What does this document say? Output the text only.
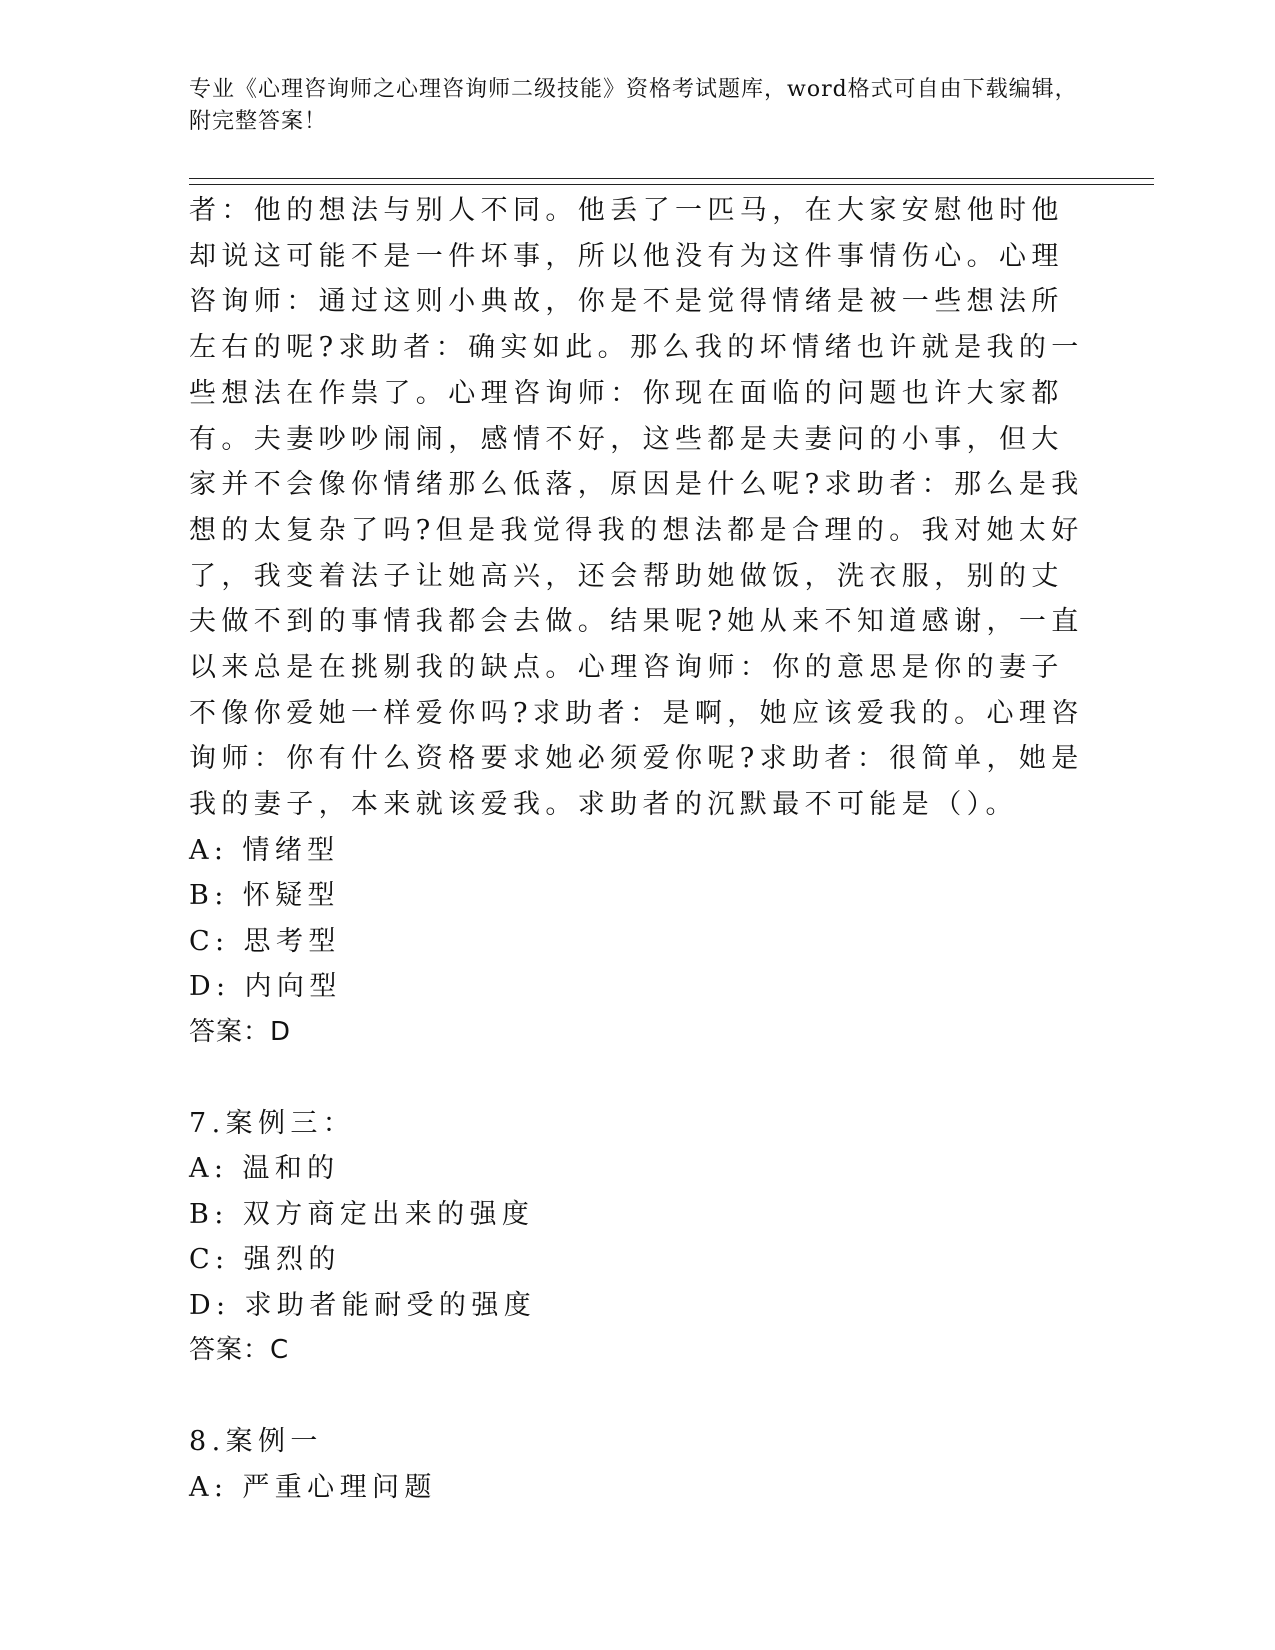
专业《心理咨询师之心理咨询师二级技能》资格考试题库，word格式可自由下载编辑，附完整答案！

者：他的想法与别人不同。他丢了一匹马，在大家安慰他时他却说这可能不是一件坏事，所以他没有为这件事情伤心。心理咨询师：通过这则小典故，你是不是觉得情绪是被一些想法所左右的呢?求助者：确实如此。那么我的坏情绪也许就是我的一些想法在作祟了。心理咨询师：你现在面临的问题也许大家都有。夫妻吵吵闹闹，感情不好，这些都是夫妻问的小事，但大家并不会像你情绪那么低落，原因是什么呢?求助者：那么是我想的太复杂了吗?但是我觉得我的想法都是合理的。我对她太好了，我变着法子让她高兴，还会帮助她做饭，洗衣服，别的丈夫做不到的事情我都会去做。结果呢?她从来不知道感谢，一直以来总是在挑剔我的缺点。心理咨询师：你的意思是你的妻子不像你爱她一样爱你吗?求助者：是啊，她应该爱我的。心理咨询师：你有什么资格要求她必须爱你呢?求助者：很简单，她是我的妻子，本来就该爱我。求助者的沉默最不可能是（）。

A: 情绪型
B: 怀疑型
C: 思考型
D: 内向型
答案：D
7.案例三：
A: 温和的
B: 双方商定出来的强度
C: 强烈的
D: 求助者能耐受的强度
答案：C
8.案例一
A: 严重心理问题
